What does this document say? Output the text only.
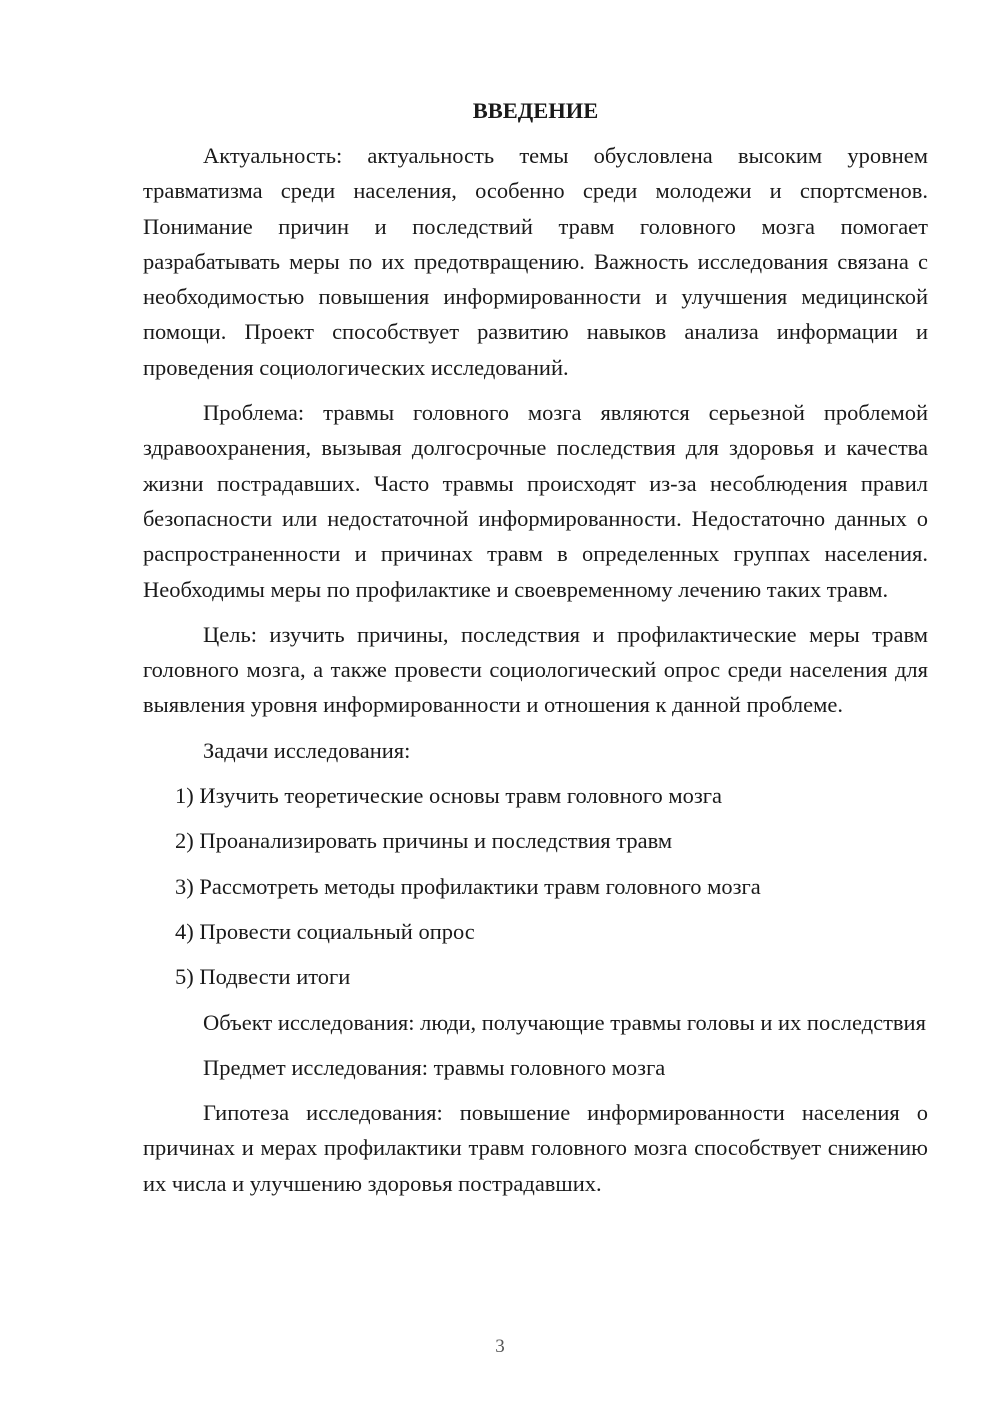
ВВЕДЕНИЕ

Актуальность: актуальность темы обусловлена высоким уровнем травматизма среди населения, особенно среди молодежи и спортсменов. Понимание причин и последствий травм головного мозга помогает разрабатывать меры по их предотвращению. Важность исследования связана с необходимостью повышения информированности и улучшения медицинской помощи. Проект способствует развитию навыков анализа информации и проведения социологических исследований.

Проблема: травмы головного мозга являются серьезной проблемой здравоохранения, вызывая долгосрочные последствия для здоровья и качества жизни пострадавших. Часто травмы происходят из-за несоблюдения правил безопасности или недостаточной информированности. Недостаточно данных о распространенности и причинах травм в определенных группах населения. Необходимы меры по профилактике и своевременному лечению таких травм.

Цель: изучить причины, последствия и профилактические меры травм головного мозга, а также провести социологический опрос среди населения для выявления уровня информированности и отношения к данной проблеме.

Задачи исследования:

1) Изучить теоретические основы травм головного мозга
2) Проанализировать причины и последствия травм
3) Рассмотреть методы профилактики травм головного мозга
4) Провести социальный опрос
5) Подвести итоги

Объект исследования: люди, получающие травмы головы и их последствия

Предмет исследования: травмы головного мозга

Гипотеза исследования: повышение информированности населения о причинах и мерах профилактики травм головного мозга способствует снижению их числа и улучшению здоровья пострадавших.

3
